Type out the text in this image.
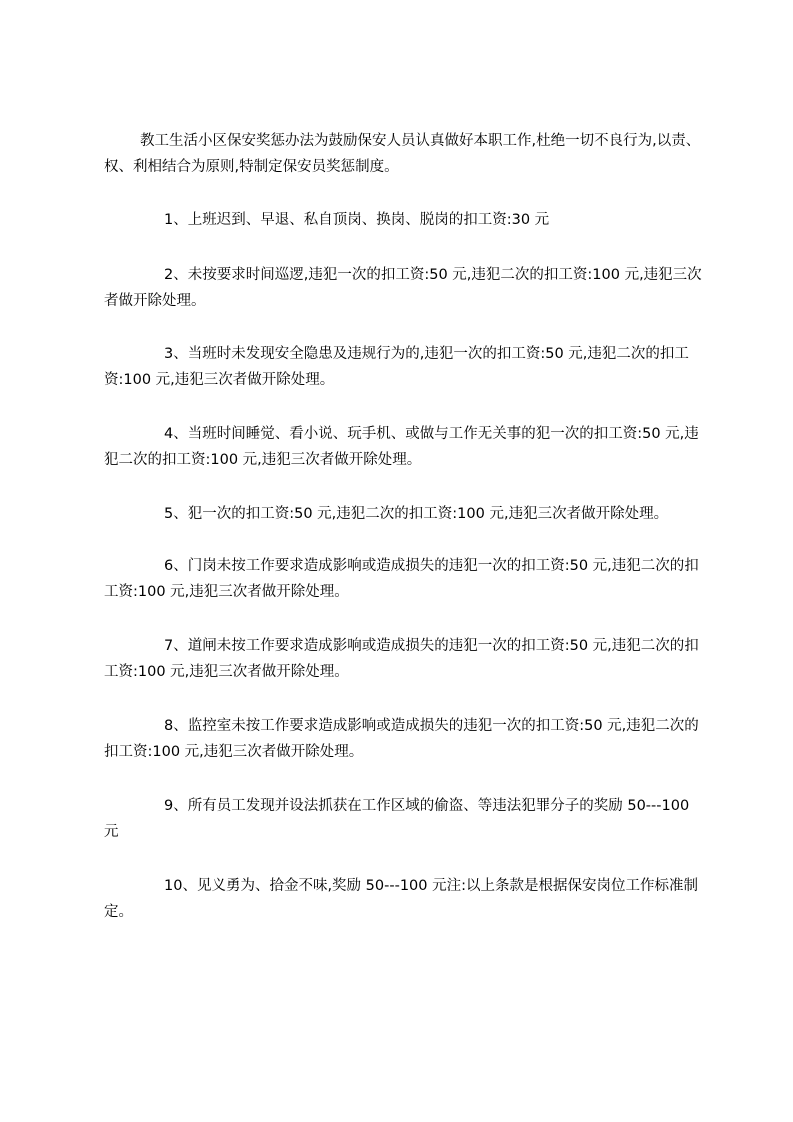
教工生活小区保安奖惩办法为鼓励保安人员认真做好本职工作,杜绝一切不良行为,以责、权、利相结合为原则,特制定保安员奖惩制度。

1、上班迟到、早退、私自顶岗、换岗、脱岗的扣工资:30 元

2、未按要求时间巡逻,违犯一次的扣工资:50 元,违犯二次的扣工资:100 元,违犯三次者做开除处理。

3、当班时未发现安全隐患及违规行为的,违犯一次的扣工资:50 元,违犯二次的扣工资:100 元,违犯三次者做开除处理。

4、当班时间睡觉、看小说、玩手机、或做与工作无关事的犯一次的扣工资:50 元,违犯二次的扣工资:100 元,违犯三次者做开除处理。

5、犯一次的扣工资:50 元,违犯二次的扣工资:100 元,违犯三次者做开除处理。

6、门岗未按工作要求造成影响或造成损失的违犯一次的扣工资:50 元,违犯二次的扣工资:100 元,违犯三次者做开除处理。

7、道闸未按工作要求造成影响或造成损失的违犯一次的扣工资:50 元,违犯二次的扣工资:100 元,违犯三次者做开除处理。

8、监控室未按工作要求造成影响或造成损失的违犯一次的扣工资:50 元,违犯二次的扣工资:100 元,违犯三次者做开除处理。

9、所有员工发现并设法抓获在工作区域的偷盗、等违法犯罪分子的奖励 50---100 元

10、见义勇为、拾金不味,奖励 50---100 元注:以上条款是根据保安岗位工作标准制定。
